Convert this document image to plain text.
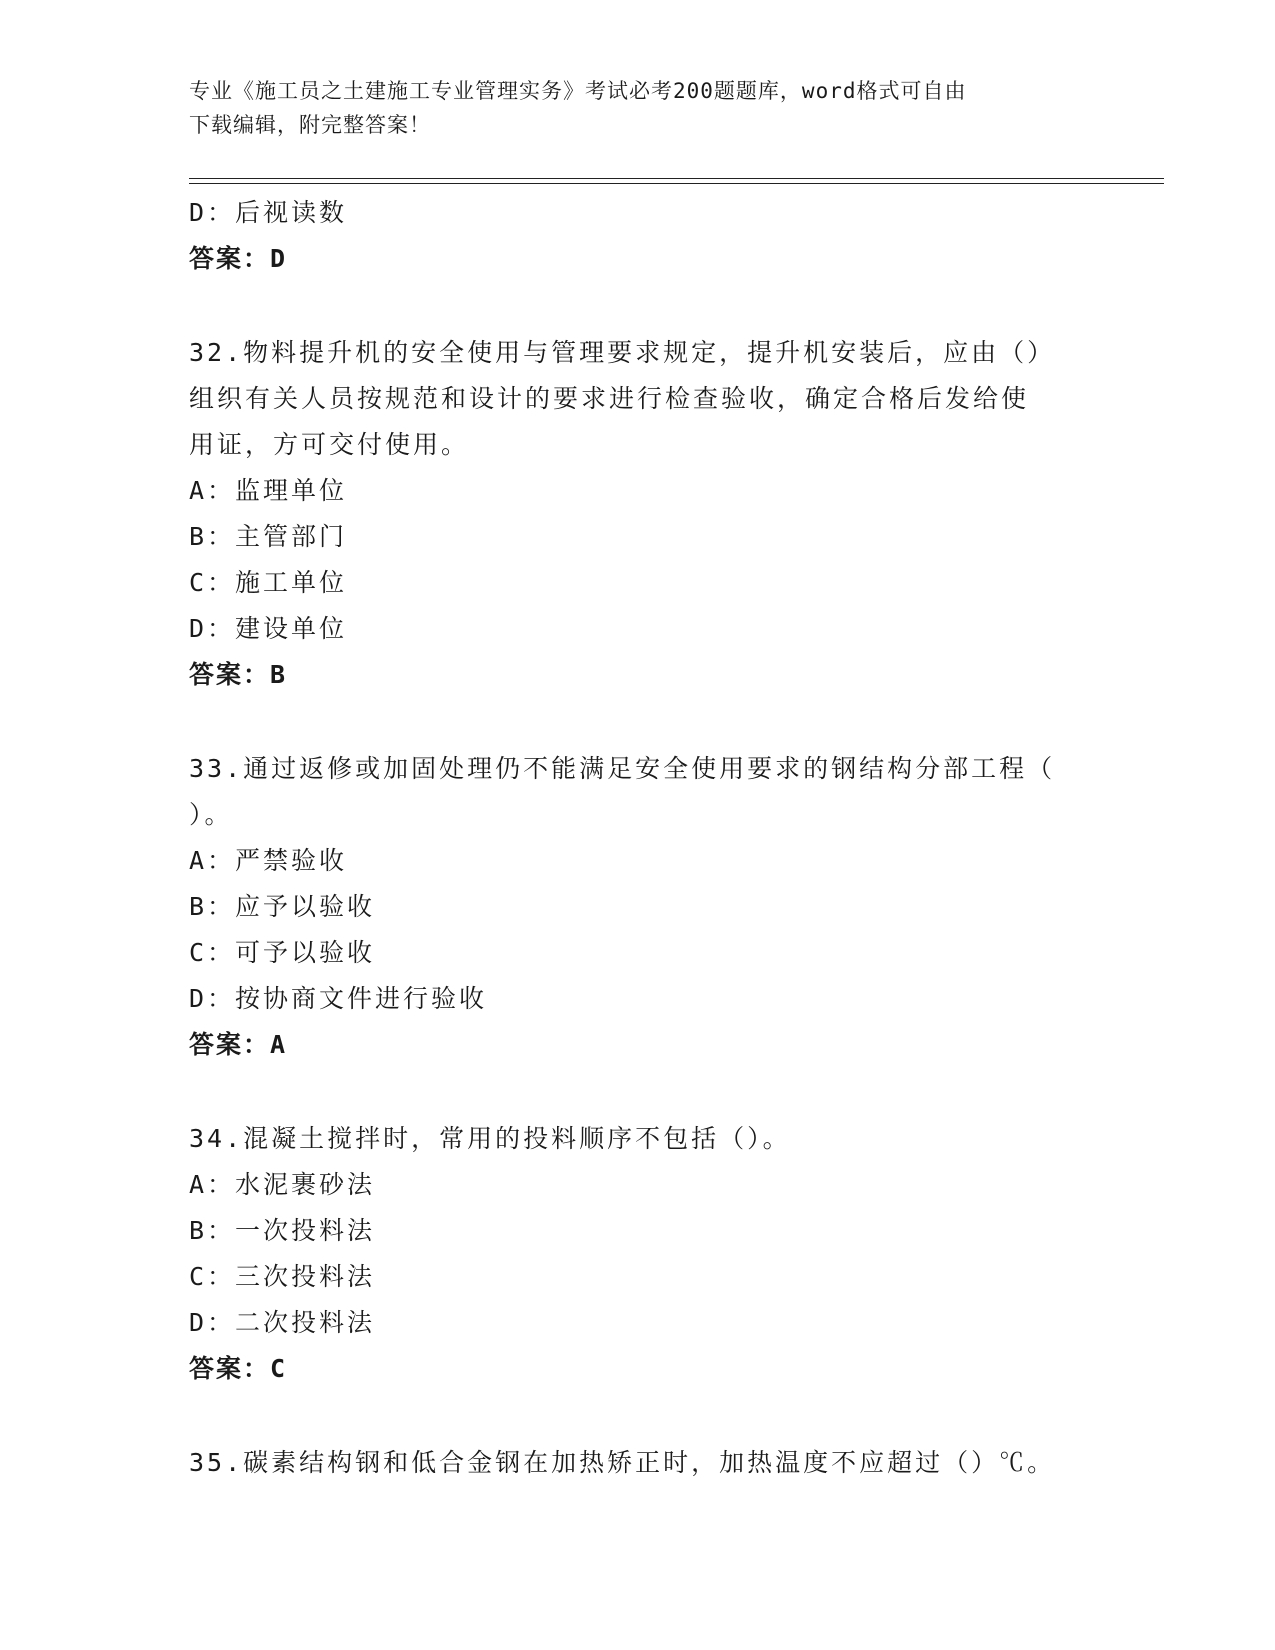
专业《施工员之土建施工专业管理实务》考试必考200题题库，word格式可自由
下载编辑，附完整答案！
D：后视读数
答案：D
32.物料提升机的安全使用与管理要求规定，提升机安装后，应由（）
组织有关人员按规范和设计的要求进行检查验收，确定合格后发给使
用证，方可交付使用。
A：监理单位
B：主管部门
C：施工单位
D：建设单位
答案：B
33.通过返修或加固处理仍不能满足安全使用要求的钢结构分部工程（
）。
A：严禁验收
B：应予以验收
C：可予以验收
D：按协商文件进行验收
答案：A
34.混凝土搅拌时，常用的投料顺序不包括（）。
A：水泥裹砂法
B：一次投料法
C：三次投料法
D：二次投料法
答案：C
35.碳素结构钢和低合金钢在加热矫正时，加热温度不应超过（）℃。
